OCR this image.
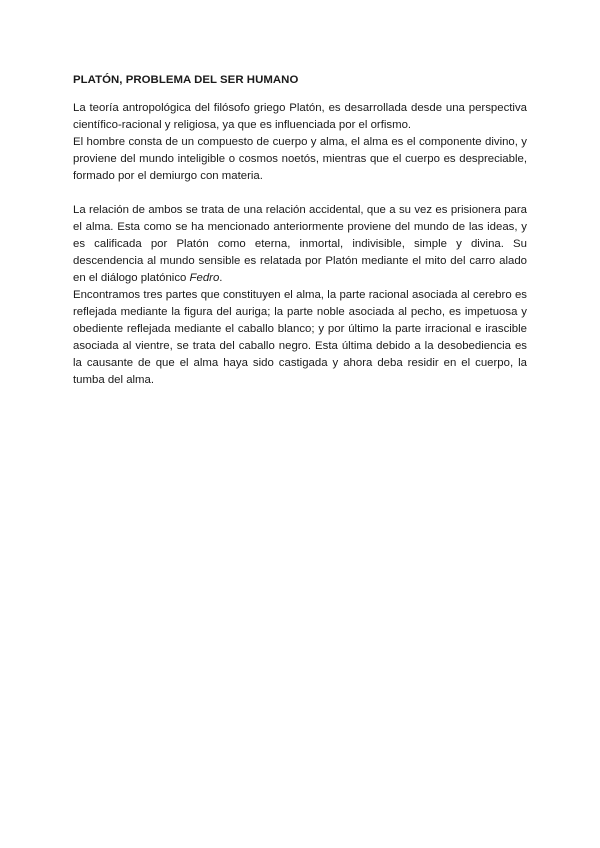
PLATÓN, PROBLEMA DEL SER HUMANO

La teoría antropológica del filósofo griego Platón, es desarrollada desde una perspectiva científico-racional y religiosa, ya que es influenciada por el orfismo.

El hombre consta de un compuesto de cuerpo y alma, el alma es el componente divino, y proviene del mundo inteligible o cosmos noetós, mientras que el cuerpo es despreciable, formado por el demiurgo con materia.

La relación de ambos se trata de una relación accidental, que a su vez es prisionera para el alma. Esta como se ha mencionado anteriormente proviene del mundo de las ideas, y es calificada por Platón como eterna, inmortal, indivisible, simple y divina. Su descendencia al mundo sensible es relatada por Platón mediante el mito del carro alado en el diálogo platónico Fedro.

Encontramos tres partes que constituyen el alma, la parte racional asociada al cerebro es reflejada mediante la figura del auriga; la parte noble asociada al pecho, es impetuosa y obediente reflejada mediante el caballo blanco; y por último la parte irracional e irascible asociada al vientre, se trata del caballo negro. Esta última debido a la desobediencia es la causante de que el alma haya sido castigada y ahora deba residir en el cuerpo, la tumba del alma.
